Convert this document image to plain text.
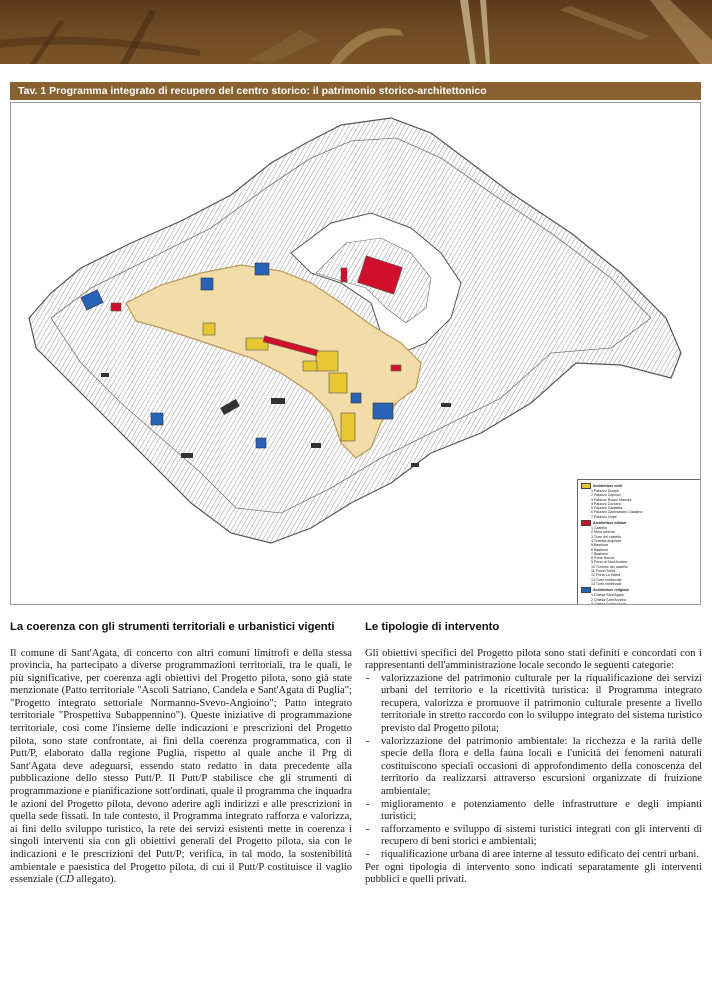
Tav. 1 Programma integrato di recupero del centro storico: il patrimonio storico-architettonico
Architetture civili
1 Palazzo Ducale
2 Palazzo Capozzi
3 Palazzo Russo Mancini
4 Palazzo Zuccaro
5 Palazzo Gadaleta
6 Palazzo Zammarano Catalano
7 Palazzo Volpe
Architetture militari
1 Castello
2 Mura urbiche
3 Torre del castello
4 Torretta angolare
5 Bastione
6 Bastione
7 Bastione
8 Porta Nuova
9 Porta di Sant'Andrea
10 Torrione del castello
11 Porta Fiorita
12 Porta La Malva
13 Torre medievale
14 Torre medievale
Architetture religiose
1 Chiesa Sant'Agata
2 Chiesa Sant'Andrea
3 Chiesa Santa Croce
La coerenza con gli strumenti territoriali e urbanistici vigenti

Il comune di Sant'Agata, di concerto con altri comuni limitrofi e della stessa provincia, ha partecipato a diverse programmazioni territoriali, tra le quali, le più significative, per coerenza agli obiettivi del Progetto pilota, sono già state menzionate (Patto territoriale "Ascoli Satriano, Candela e Sant'Agata di Puglia"; "Progetto integrato settoriale Normanno-Svevo-Angioino"; Patto integrato territoriale "Prospettiva Subappennino"). Queste iniziative di programmazione territoriale, così come l'insieme delle indicazioni e prescrizioni del Progetto pilota, sono state confrontate, ai fini della coerenza programmatica, con il Putt/P, elaborato dalla regione Puglia, rispetto al quale anche il Prg di Sant'Agata deve adeguarsi, essendo stato redatto in data precedente alla pubblicazione dello stesso Putt/P. Il Putt/P stabilisce che gli strumenti di programmazione e pianificazione sott'ordinati, quale il programma che inquadra le azioni del Progetto pilota, devono aderire agli indirizzi e alle prescrizioni in quella sede fissati. In tale contesto, il Programma integrato rafforza e valorizza, ai fini dello sviluppo turistico, la rete dei servizi esistenti mette in coerenza i singoli interventi sia con gli obiettivi generali del Progetto pilota, sia con le indicazioni e le prescrizioni del Putt/P; verifica, in tal modo, la sostenibilità ambientale e paesistica del Progetto pilota, di cui il Putt/P costituisce il vaglio essenziale (CD allegato).

Le tipologie di intervento

Gli obiettivi specifici del Progetto pilota sono stati definiti e concordati con i rappresentanti dell'amministrazione locale secondo le seguenti categorie:

- valorizzazione del patrimonio culturale per la riqualificazione dei servizi urbani del territorio e la ricettività turistica: il Programma integrato recupera, valorizza e promuove il patrimonio culturale presente a livello territoriale in stretto raccordo con lo sviluppo integrato del sistema turistico previsto dal Progetto pilota;
- valorizzazione del patrimonio ambientale: la ricchezza e la rarità delle specie della flora e della fauna locali e l'unicità dei fenomeni naturali costituiscono speciali occasioni di approfondimento della conoscenza del territorio da realizzarsi attraverso escursioni organizzate di fruizione ambientale;
- miglioramento e potenziamento delle infrastrutture e degli impianti turistici;
- rafforzamento e sviluppo di sistemi turistici integrati con gli interventi di recupero di beni storici e ambientali;
- riqualificazione urbana di aree interne al tessuto edificato dei centri urbani.

Per ogni tipologia di intervento sono indicati separatamente gli interventi pubblici e quelli privati.
